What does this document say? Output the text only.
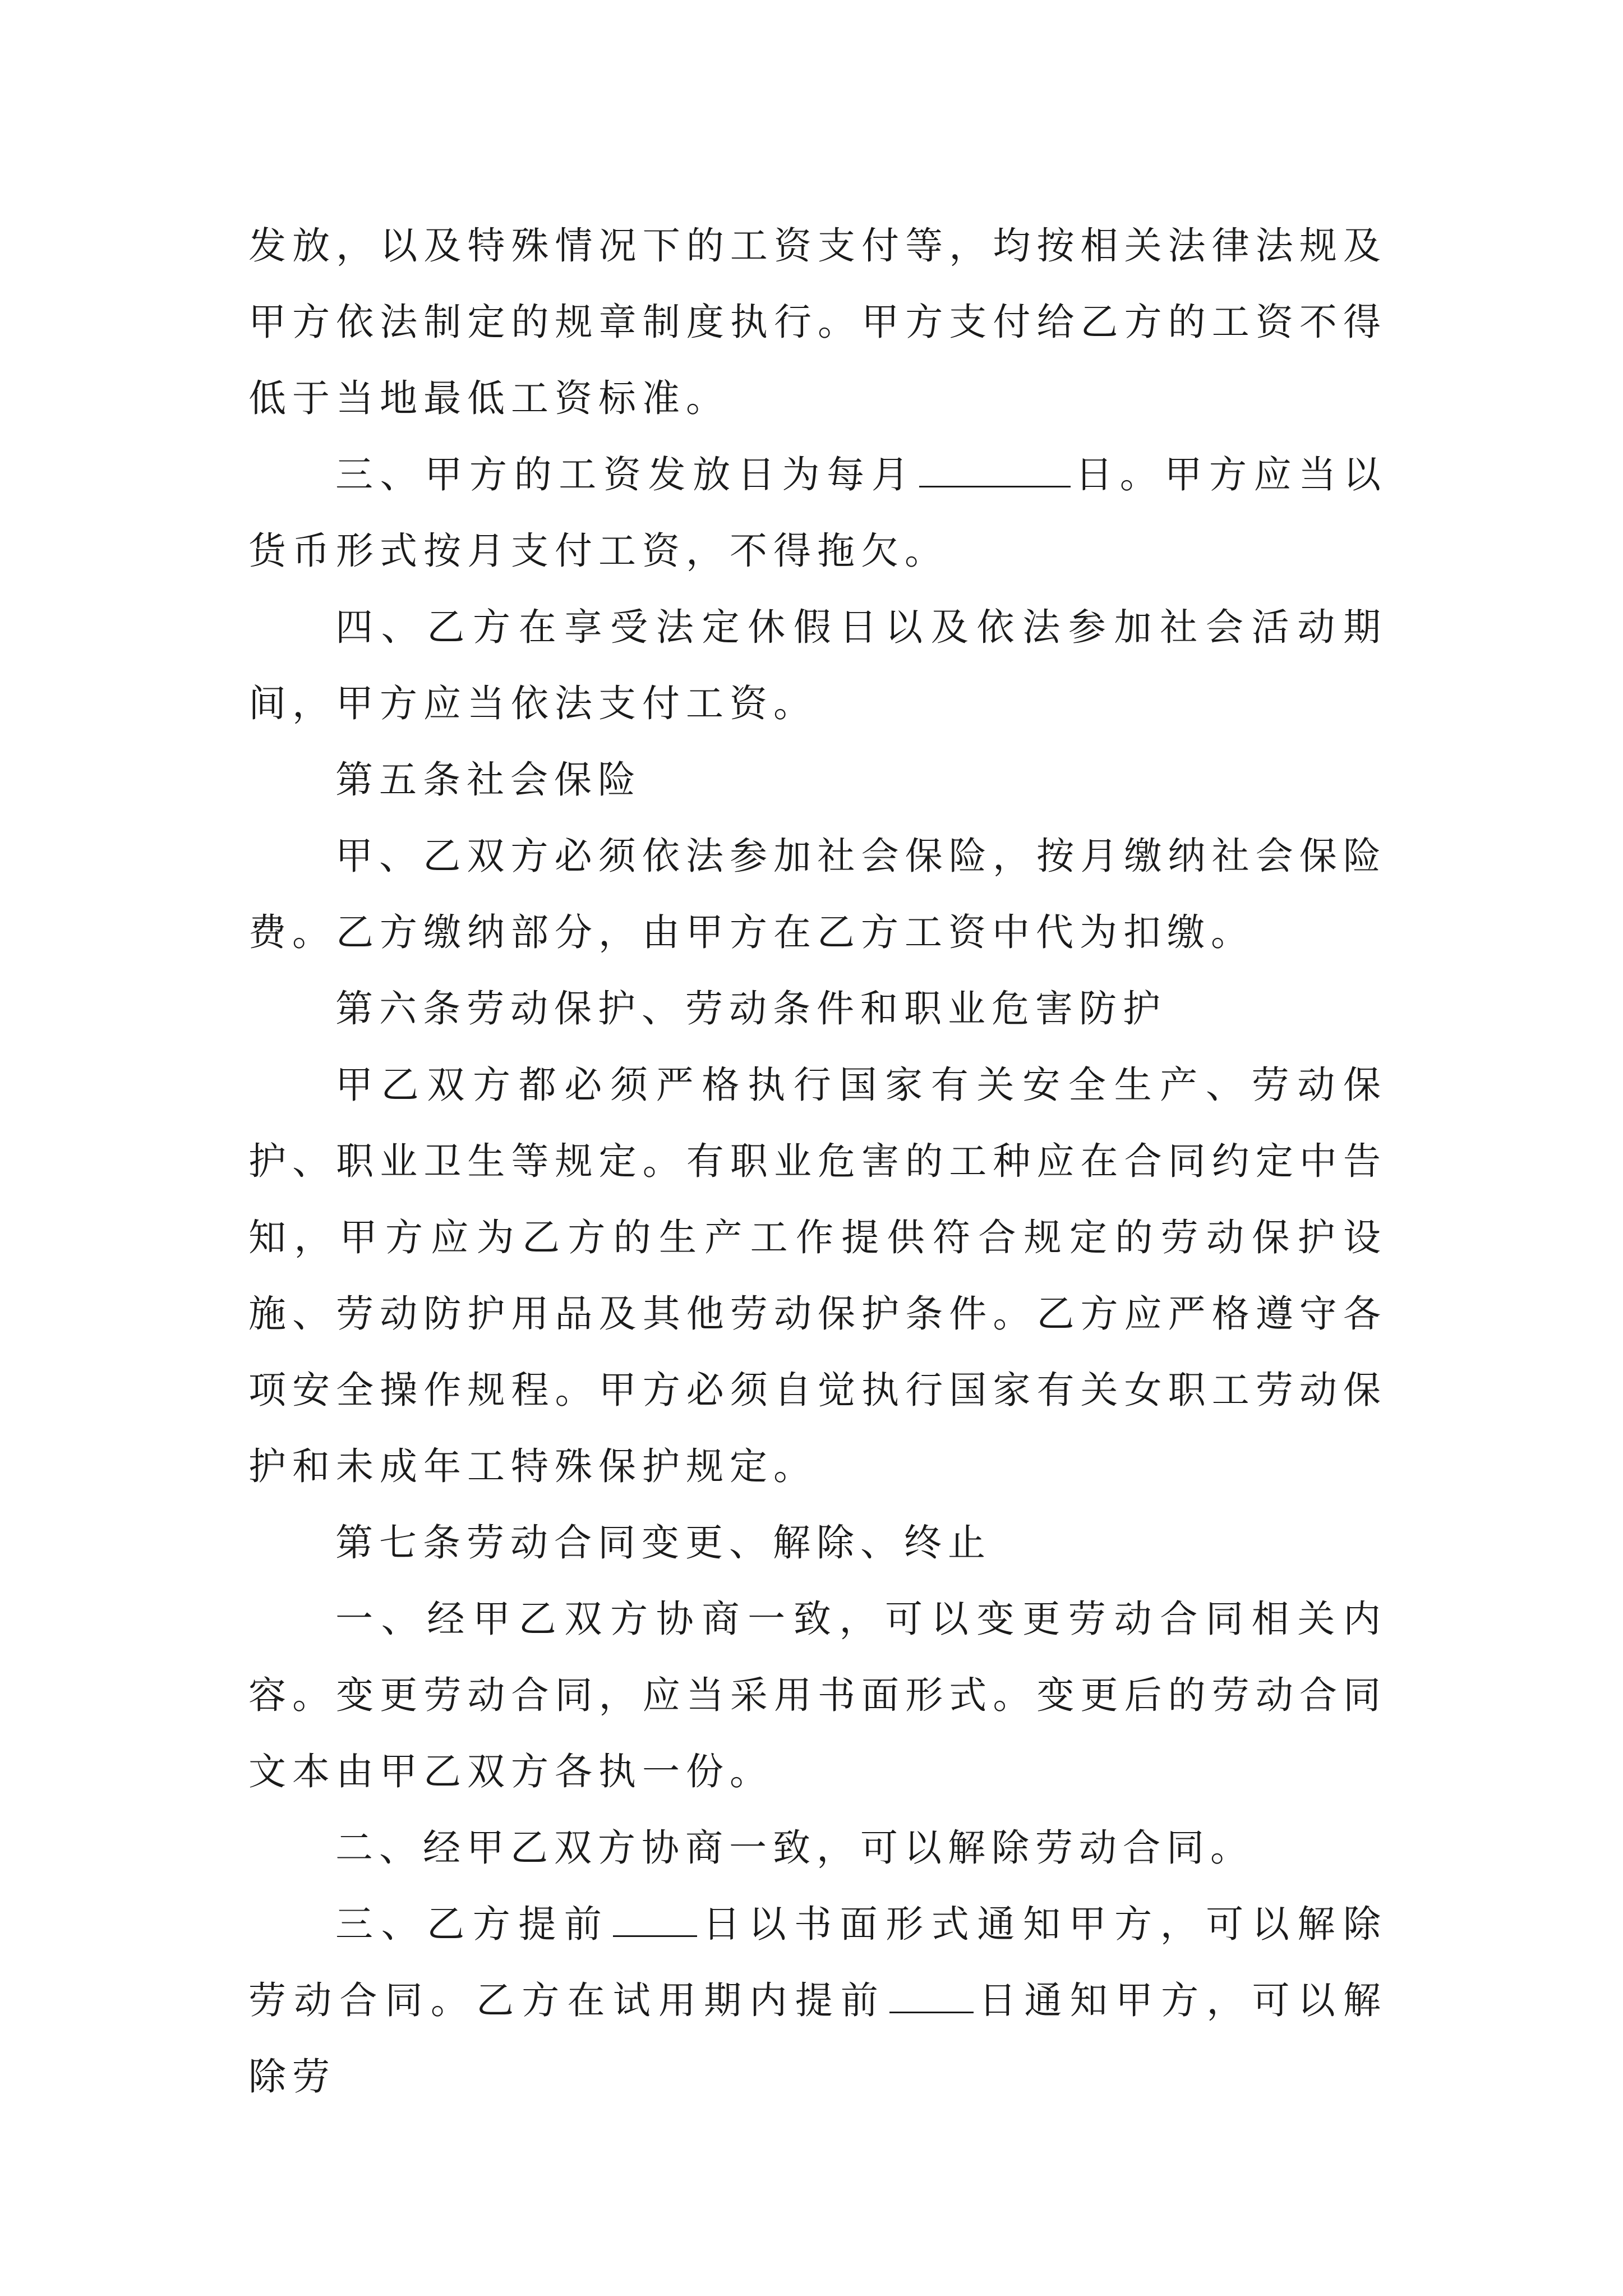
发放，以及特殊情况下的工资支付等，均按相关法律法规及甲方依法制定的规章制度执行。甲方支付给乙方的工资不得低于当地最低工资标准。

三、甲方的工资发放日为每月	日。甲方应当以货币形式按月支付工资，不得拖欠。

四、乙方在享受法定休假日以及依法参加社会活动期间，甲方应当依法支付工资。

第五条社会保险

甲、乙双方必须依法参加社会保险，按月缴纳社会保险费。乙方缴纳部分，由甲方在乙方工资中代为扣缴。

第六条劳动保护、劳动条件和职业危害防护

甲乙双方都必须严格执行国家有关安全生产、劳动保护、职业卫生等规定。有职业危害的工种应在合同约定中告知，甲方应为乙方的生产工作提供符合规定的劳动保护设施、劳动防护用品及其他劳动保护条件。乙方应严格遵守各项安全操作规程。甲方必须自觉执行国家有关女职工劳动保护和未成年工特殊保护规定。

第七条劳动合同变更、解除、终止

一、经甲乙双方协商一致，可以变更劳动合同相关内容。变更劳动合同，应当采用书面形式。变更后的劳动合同文本由甲乙双方各执一份。

二、经甲乙双方协商一致，可以解除劳动合同。

三、乙方提前 日以书面形式通知甲方，可以解除劳动合同。乙方在试用期内提前 日通知甲方，可以解除劳
